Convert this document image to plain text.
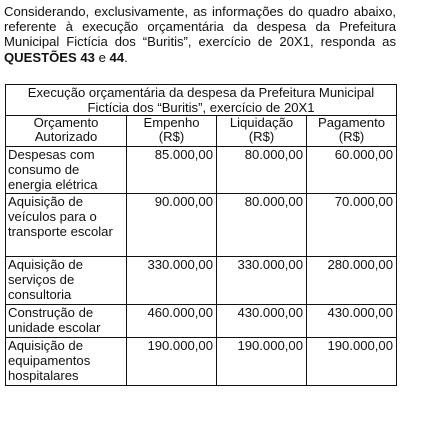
Considerando, exclusivamente, as informações do quadro abaixo, referente à execução orçamentária da despesa da Prefeitura Municipal Fictícia dos “Buritis”, exercício de 20X1, responda as QUESTÕES 43 e 44.

Execução orçamentária da despesa da Prefeitura Municipal Fictícia dos “Buritis”, exercício de 20X1			
Orçamento Autorizado	Empenho (R$)	Liquidação (R$)	Pagamento (R$)
Despesas com consumo de energia elétrica	85.000,00	80.000,00	60.000,00
Aquisição de veículos para o transporte escolar	90.000,00	80.000,00	70.000,00
Aquisição de serviços de consultoria	330.000,00	330.000,00	280.000,00
Construção de unidade escolar	460.000,00	430.000,00	430.000,00
Aquisição de equipamentos hospitalares	190.000,00	190.000,00	190.000,00
